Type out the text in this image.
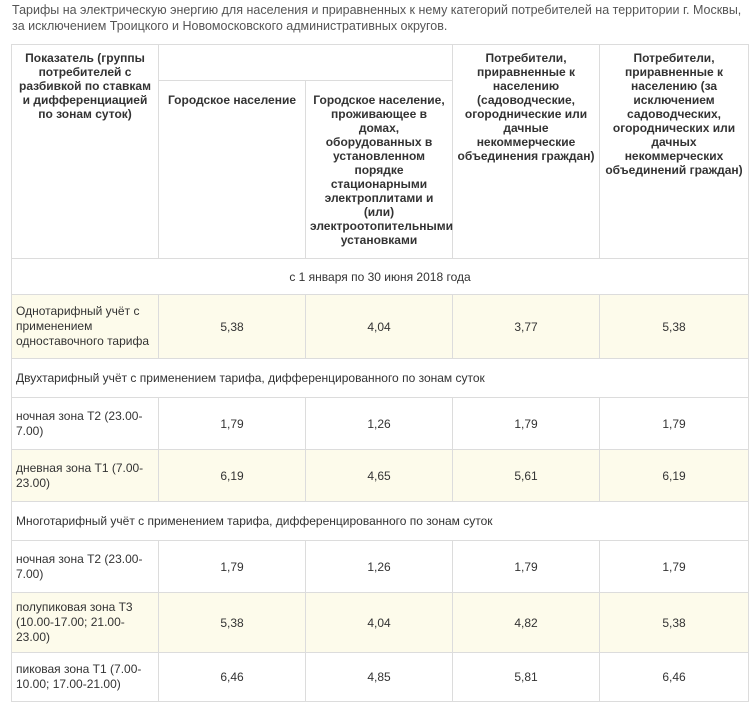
Тарифы на электрическую энергию для населения и приравненных к нему категорий потребителей на территории г. Москвы, за исключением Троицкого и Новомосковского административных округов.
Показатель (группы потребителей с разбивкой по ставкам и дифференциацией по зонам суток)			Потребители, приравненные к населению (садоводческие, огороднические или дачные некоммерческие объединения граждан)	Потребители, приравненные к населению (за исключением садоводческих, огороднических или дачных некоммерческих объединений граждан)
	Городское население	Городское население, проживающее в домах, оборудованных в установленном порядке стационарными электроплитами и (или) электроотопительными установками		
с 1 января по 30 июня 2018 года				
Однотарифный учёт с применением одноставочного тарифа	5,38	4,04	3,77	5,38
Двухтарифный учёт с применением тарифа, дифференцированного по зонам суток				
ночная зона Т2 (23.00-7.00)	1,79	1,26	1,79	1,79
дневная зона Т1 (7.00-23.00)	6,19	4,65	5,61	6,19
Многотарифный учёт с применением тарифа, дифференцированного по зонам суток				
ночная зона Т2 (23.00-7.00)	1,79	1,26	1,79	1,79
полупиковая зона Т3 (10.00-17.00; 21.00-23.00)	5,38	4,04	4,82	5,38
пиковая зона Т1 (7.00-10.00; 17.00-21.00)	6,46	4,85	5,81	6,46
